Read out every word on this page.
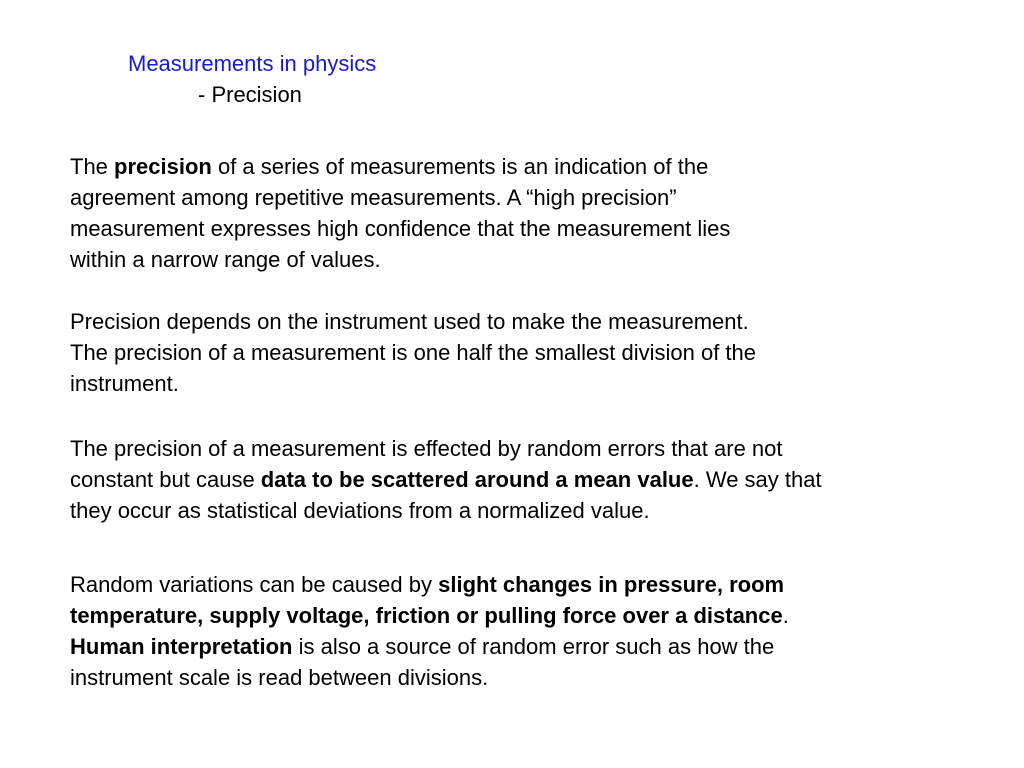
Measurements in physics
- Precision
The precision of a series of measurements is an indication of the
agreement among repetitive measurements. A “high precision”
measurement expresses high confidence that the measurement lies
within a narrow range of values.
Precision depends on the instrument used to make the measurement.
The precision of a measurement is one half the smallest division of the
instrument.
The precision of a measurement is effected by random errors that are not
constant but cause data to be scattered around a mean value. We say that
they occur as statistical deviations from a normalized value.
Random variations can be caused by slight changes in pressure, room
temperature, supply voltage, friction or pulling force over a distance.
Human interpretation is also a source of random error such as how the
instrument scale is read between divisions.
